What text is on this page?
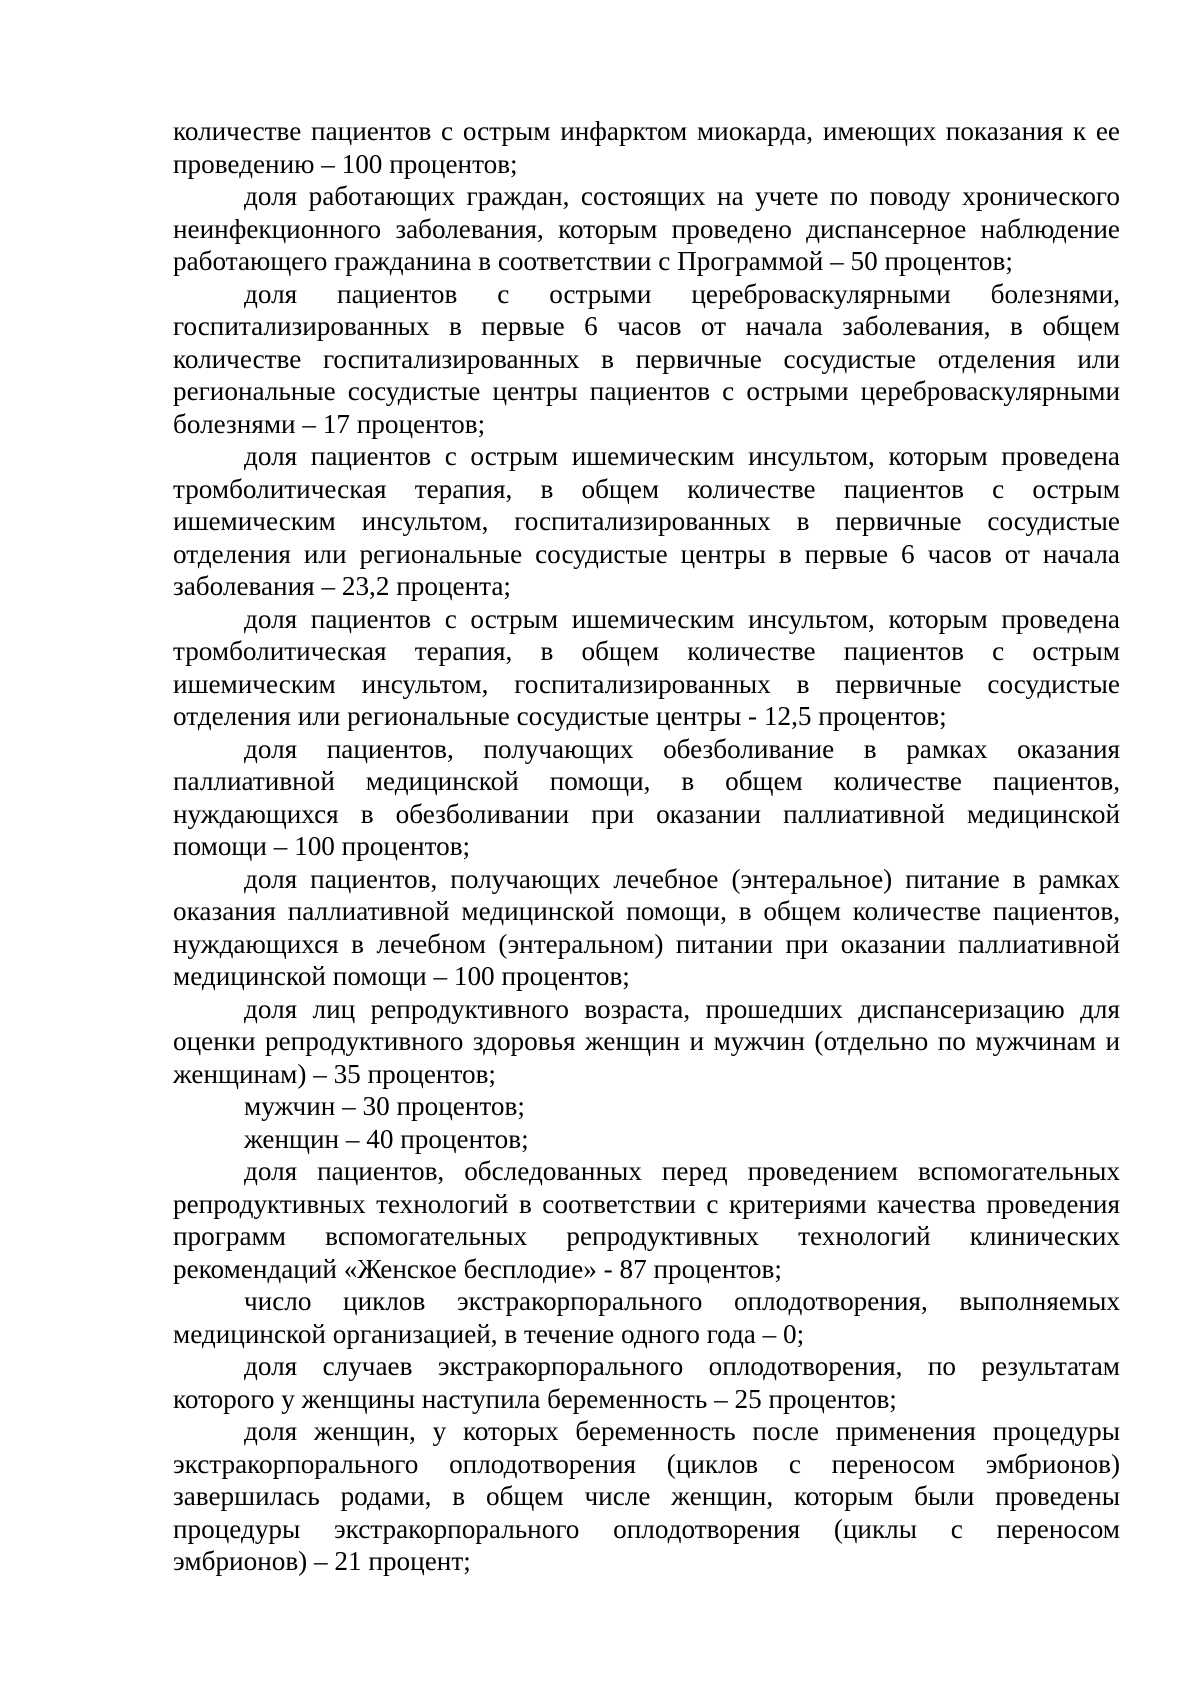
количестве пациентов с острым инфарктом миокарда, имеющих показания к ее проведению – 100 процентов;

доля работающих граждан, состоящих на учете по поводу хронического неинфекционного заболевания, которым проведено диспансерное наблюдение работающего гражданина в соответствии с Программой – 50 процентов;

доля пациентов с острыми цереброваскулярными болезнями, госпитализированных в первые 6 часов от начала заболевания, в общем количестве госпитализированных в первичные сосудистые отделения или региональные сосудистые центры пациентов с острыми цереброваскулярными болезнями – 17 процентов;

доля пациентов с острым ишемическим инсультом, которым проведена тромболитическая терапия, в общем количестве пациентов с острым ишемическим инсультом, госпитализированных в первичные сосудистые отделения или региональные сосудистые центры в первые 6 часов от начала заболевания – 23,2 процента;

доля пациентов с острым ишемическим инсультом, которым проведена тромболитическая терапия, в общем количестве пациентов с острым ишемическим инсультом, госпитализированных в первичные сосудистые отделения или региональные сосудистые центры - 12,5 процентов;

доля пациентов, получающих обезболивание в рамках оказания паллиативной медицинской помощи, в общем количестве пациентов, нуждающихся в обезболивании при оказании паллиативной медицинской помощи – 100 процентов;

доля пациентов, получающих лечебное (энтеральное) питание в рамках оказания паллиативной медицинской помощи, в общем количестве пациентов, нуждающихся в лечебном (энтеральном) питании при оказании паллиативной медицинской помощи – 100 процентов;

доля лиц репродуктивного возраста, прошедших диспансеризацию для оценки репродуктивного здоровья женщин и мужчин (отдельно по мужчинам и женщинам) – 35 процентов;

мужчин – 30 процентов;

женщин – 40 процентов;

доля пациентов, обследованных перед проведением вспомогательных репродуктивных технологий в соответствии с критериями качества проведения программ вспомогательных репродуктивных технологий клинических рекомендаций «Женское бесплодие» - 87 процентов;

число циклов экстракорпорального оплодотворения, выполняемых медицинской организацией, в течение одного года – 0;

доля случаев экстракорпорального оплодотворения, по результатам которого у женщины наступила беременность – 25 процентов;

доля женщин, у которых беременность после применения процедуры экстракорпорального оплодотворения (циклов с переносом эмбрионов) завершилась родами, в общем числе женщин, которым были проведены процедуры экстракорпорального оплодотворения (циклы с переносом эмбрионов) – 21 процент;
